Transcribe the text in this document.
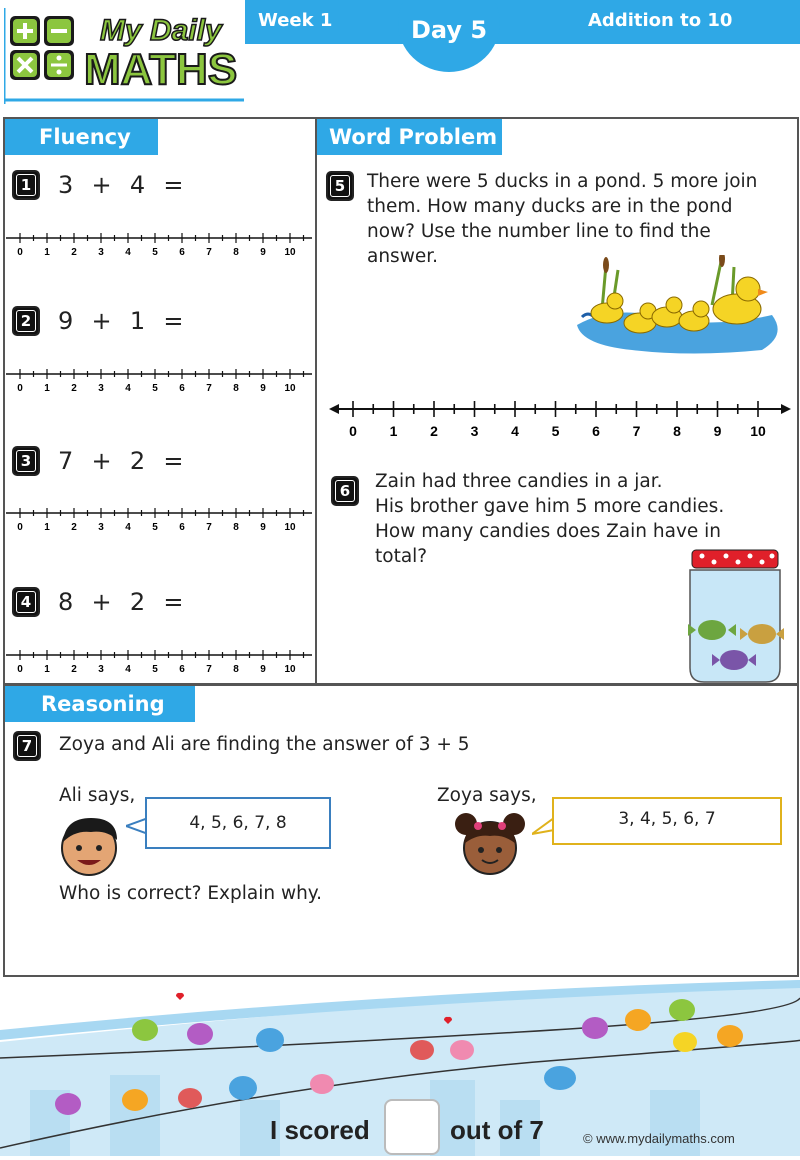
Week 1	Day 5	Addition to 10
My Daily
MATHS
Fluency	Word Problem
Reasoning
1	3  +  4  =
0 1 2 3 4 5 6 7 8 9 10
2	9  +  1  =
0 1 2 3 4 5 6 7 8 9 10
3	7  +  2  =
0 1 2 3 4 5 6 7 8 9 10
4	8  +  2  =
0 1 2 3 4 5 6 7 8 9 10
5	There were 5 ducks in a pond. 5 more join
them. How many ducks are in the pond
now? Use the number line to find the
answer.
0 1 2 3 4 5 6 7 8 9 10
6	Zain had three candies in a jar.
His brother gave him 5 more candies.
How many candies does Zain have in
total?
7	Zoya and Ali are finding the answer of 3 + 5
Ali says,
4, 5, 6, 7, 8
Zoya says,
3, 4, 5, 6, 7
Who is correct? Explain why.
I scored	out of 7	© www.mydailymaths.com
